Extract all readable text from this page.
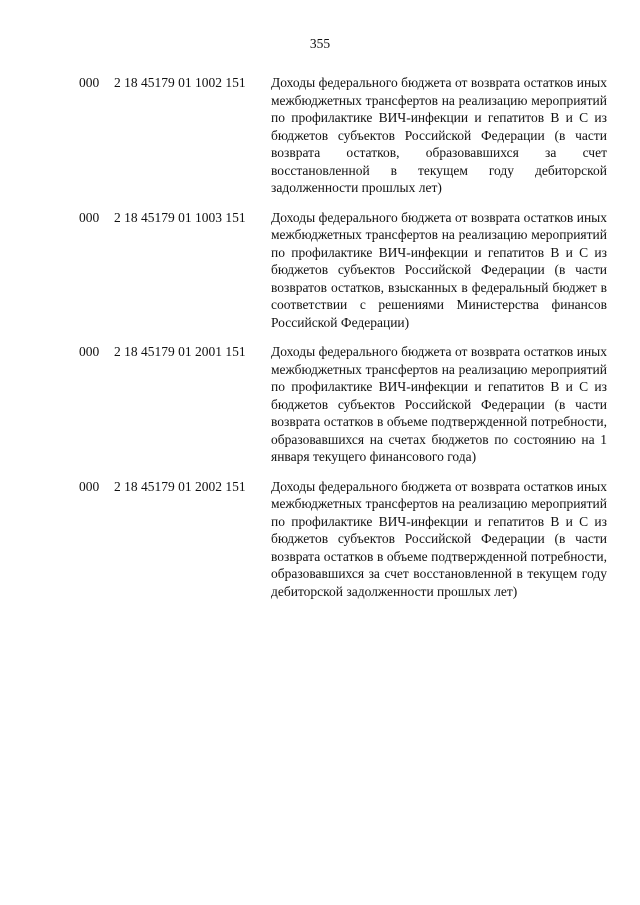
355
000 2 18 45179 01 1002 151 Доходы федерального бюджета от возврата остатков иных межбюджетных трансфертов на реализацию мероприятий по профилактике ВИЧ-инфекции и гепатитов В и С из бюджетов субъектов Российской Федерации (в части возврата остатков, образовавшихся за счет восстановленной в текущем году дебиторской задолженности прошлых лет)
000 2 18 45179 01 1003 151 Доходы федерального бюджета от возврата остатков иных межбюджетных трансфертов на реализацию мероприятий по профилактике ВИЧ-инфекции и гепатитов В и С из бюджетов субъектов Российской Федерации (в части возвратов остатков, взысканных в федеральный бюджет в соответствии с решениями Министерства финансов Российской Федерации)
000 2 18 45179 01 2001 151 Доходы федерального бюджета от возврата остатков иных межбюджетных трансфертов на реализацию мероприятий по профилактике ВИЧ-инфекции и гепатитов В и С из бюджетов субъектов Российской Федерации (в части возврата остатков в объеме подтвержденной потребности, образовавшихся на счетах бюджетов по состоянию на 1 января текущего финансового года)
000 2 18 45179 01 2002 151 Доходы федерального бюджета от возврата остатков иных межбюджетных трансфертов на реализацию мероприятий по профилактике ВИЧ-инфекции и гепатитов В и С из бюджетов субъектов Российской Федерации (в части возврата остатков в объеме подтвержденной потребности, образовавшихся за счет восстановленной в текущем году дебиторской задолженности прошлых лет)
